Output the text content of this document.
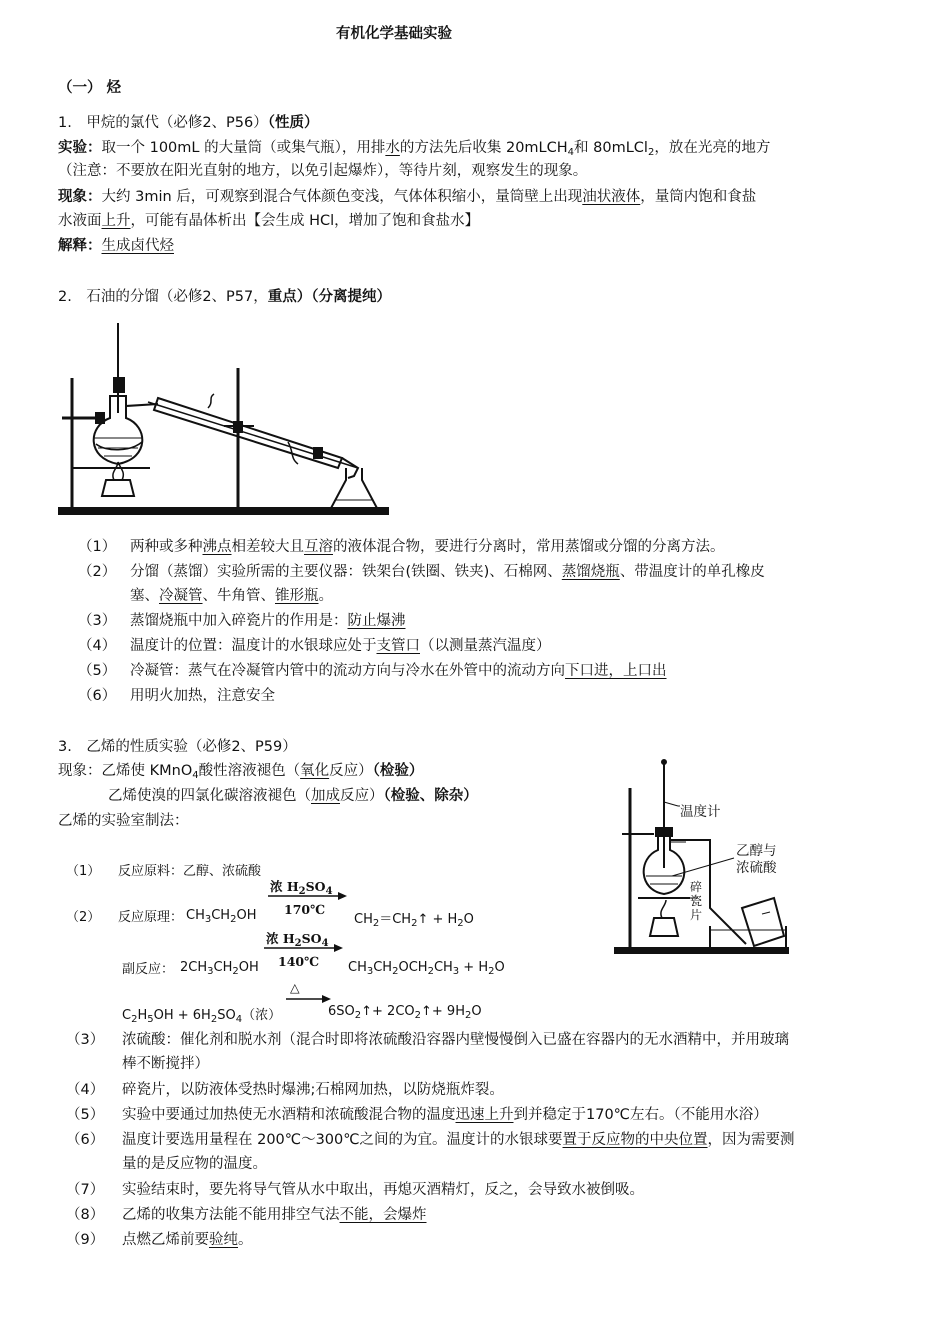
有机化学基础实验
（一） 烃
1.　甲烷的氯代（必修2、P56）（性质）
实验：取一个 100mL 的大量筒（或集气瓶），用排水的方法先后收集 20mLCH$_4$和 80mLCl$_2$，放在光亮的地方
（注意：不要放在阳光直射的地方，以免引起爆炸），等待片刻，观察发生的现象。
现象：大约 3min 后，可观察到混合气体颜色变浅，气体体积缩小，量筒壁上出现油状液体，量筒内饱和食盐
水液面上升，可能有晶体析出【会生成 HCl，增加了饱和食盐水】
解释：生成卤代烃
2.　石油的分馏（必修2、P57，重点）（分离提纯）
（1） 两种或多种沸点相差较大且互溶的液体混合物，要进行分离时，常用蒸馏或分馏的分离方法。
（2） 分馏（蒸馏）实验所需的主要仪器：铁架台(铁圈、铁夹)、石棉网、蒸馏烧瓶、带温度计的单孔橡皮
塞、冷凝管、牛角管、锥形瓶。
（3） 蒸馏烧瓶中加入碎瓷片的作用是：防止爆沸
（4） 温度计的位置：温度计的水银球应处于支管口（以测量蒸汽温度）
（5） 冷凝管：蒸气在冷凝管内管中的流动方向与冷水在外管中的流动方向下口进，上口出
（6） 用明火加热，注意安全
3.　乙烯的性质实验（必修2、P59）
现象：乙烯使 KMnO$_4$酸性溶液褪色（氧化反应）（检验）
乙烯使溴的四氯化碳溶液褪色（加成反应）（检验、除杂）
乙烯的实验室制法：
（1） 反应原料：乙醇、浓硫酸
（2） 反应原理： $CH_3CH_2OH$
浓 $H_2SO_4$
170℃
$CH_2=CH_2↑ + H_2O$
副反应： $2CH_3CH_2OH$
浓 $H_2SO_4$
140℃ $CH_3CH_2OCH_2CH_3 + H_2O$
$C_2H_5OH + 6H_2SO_4$（浓）
△
$6SO_2↑+$ $2CO_2↑+ 9H_2O$
温度计
乙醇与
浓硫酸
碎
瓷
片
（3） 浓硫酸：催化剂和脱水剂（混合时即将浓硫酸沿容器内壁慢慢倒入已盛在容器内的无水酒精中，并用玻璃
棒不断搅拌）
（4） 碎瓷片，以防液体受热时爆沸;石棉网加热，以防烧瓶炸裂。
（5） 实验中要通过加热使无水酒精和浓硫酸混合物的温度迅速上升到并稳定于170℃左右。（不能用水浴）
（6） 温度计要选用量程在 200℃～300℃之间的为宜。温度计的水银球要置于反应物的中央位置，因为需要测
量的是反应物的温度。
（7） 实验结束时，要先将导气管从水中取出，再熄灭酒精灯，反之，会导致水被倒吸。
（8） 乙烯的收集方法能不能用排空气法不能，会爆炸
（9） 点燃乙烯前要验纯。
